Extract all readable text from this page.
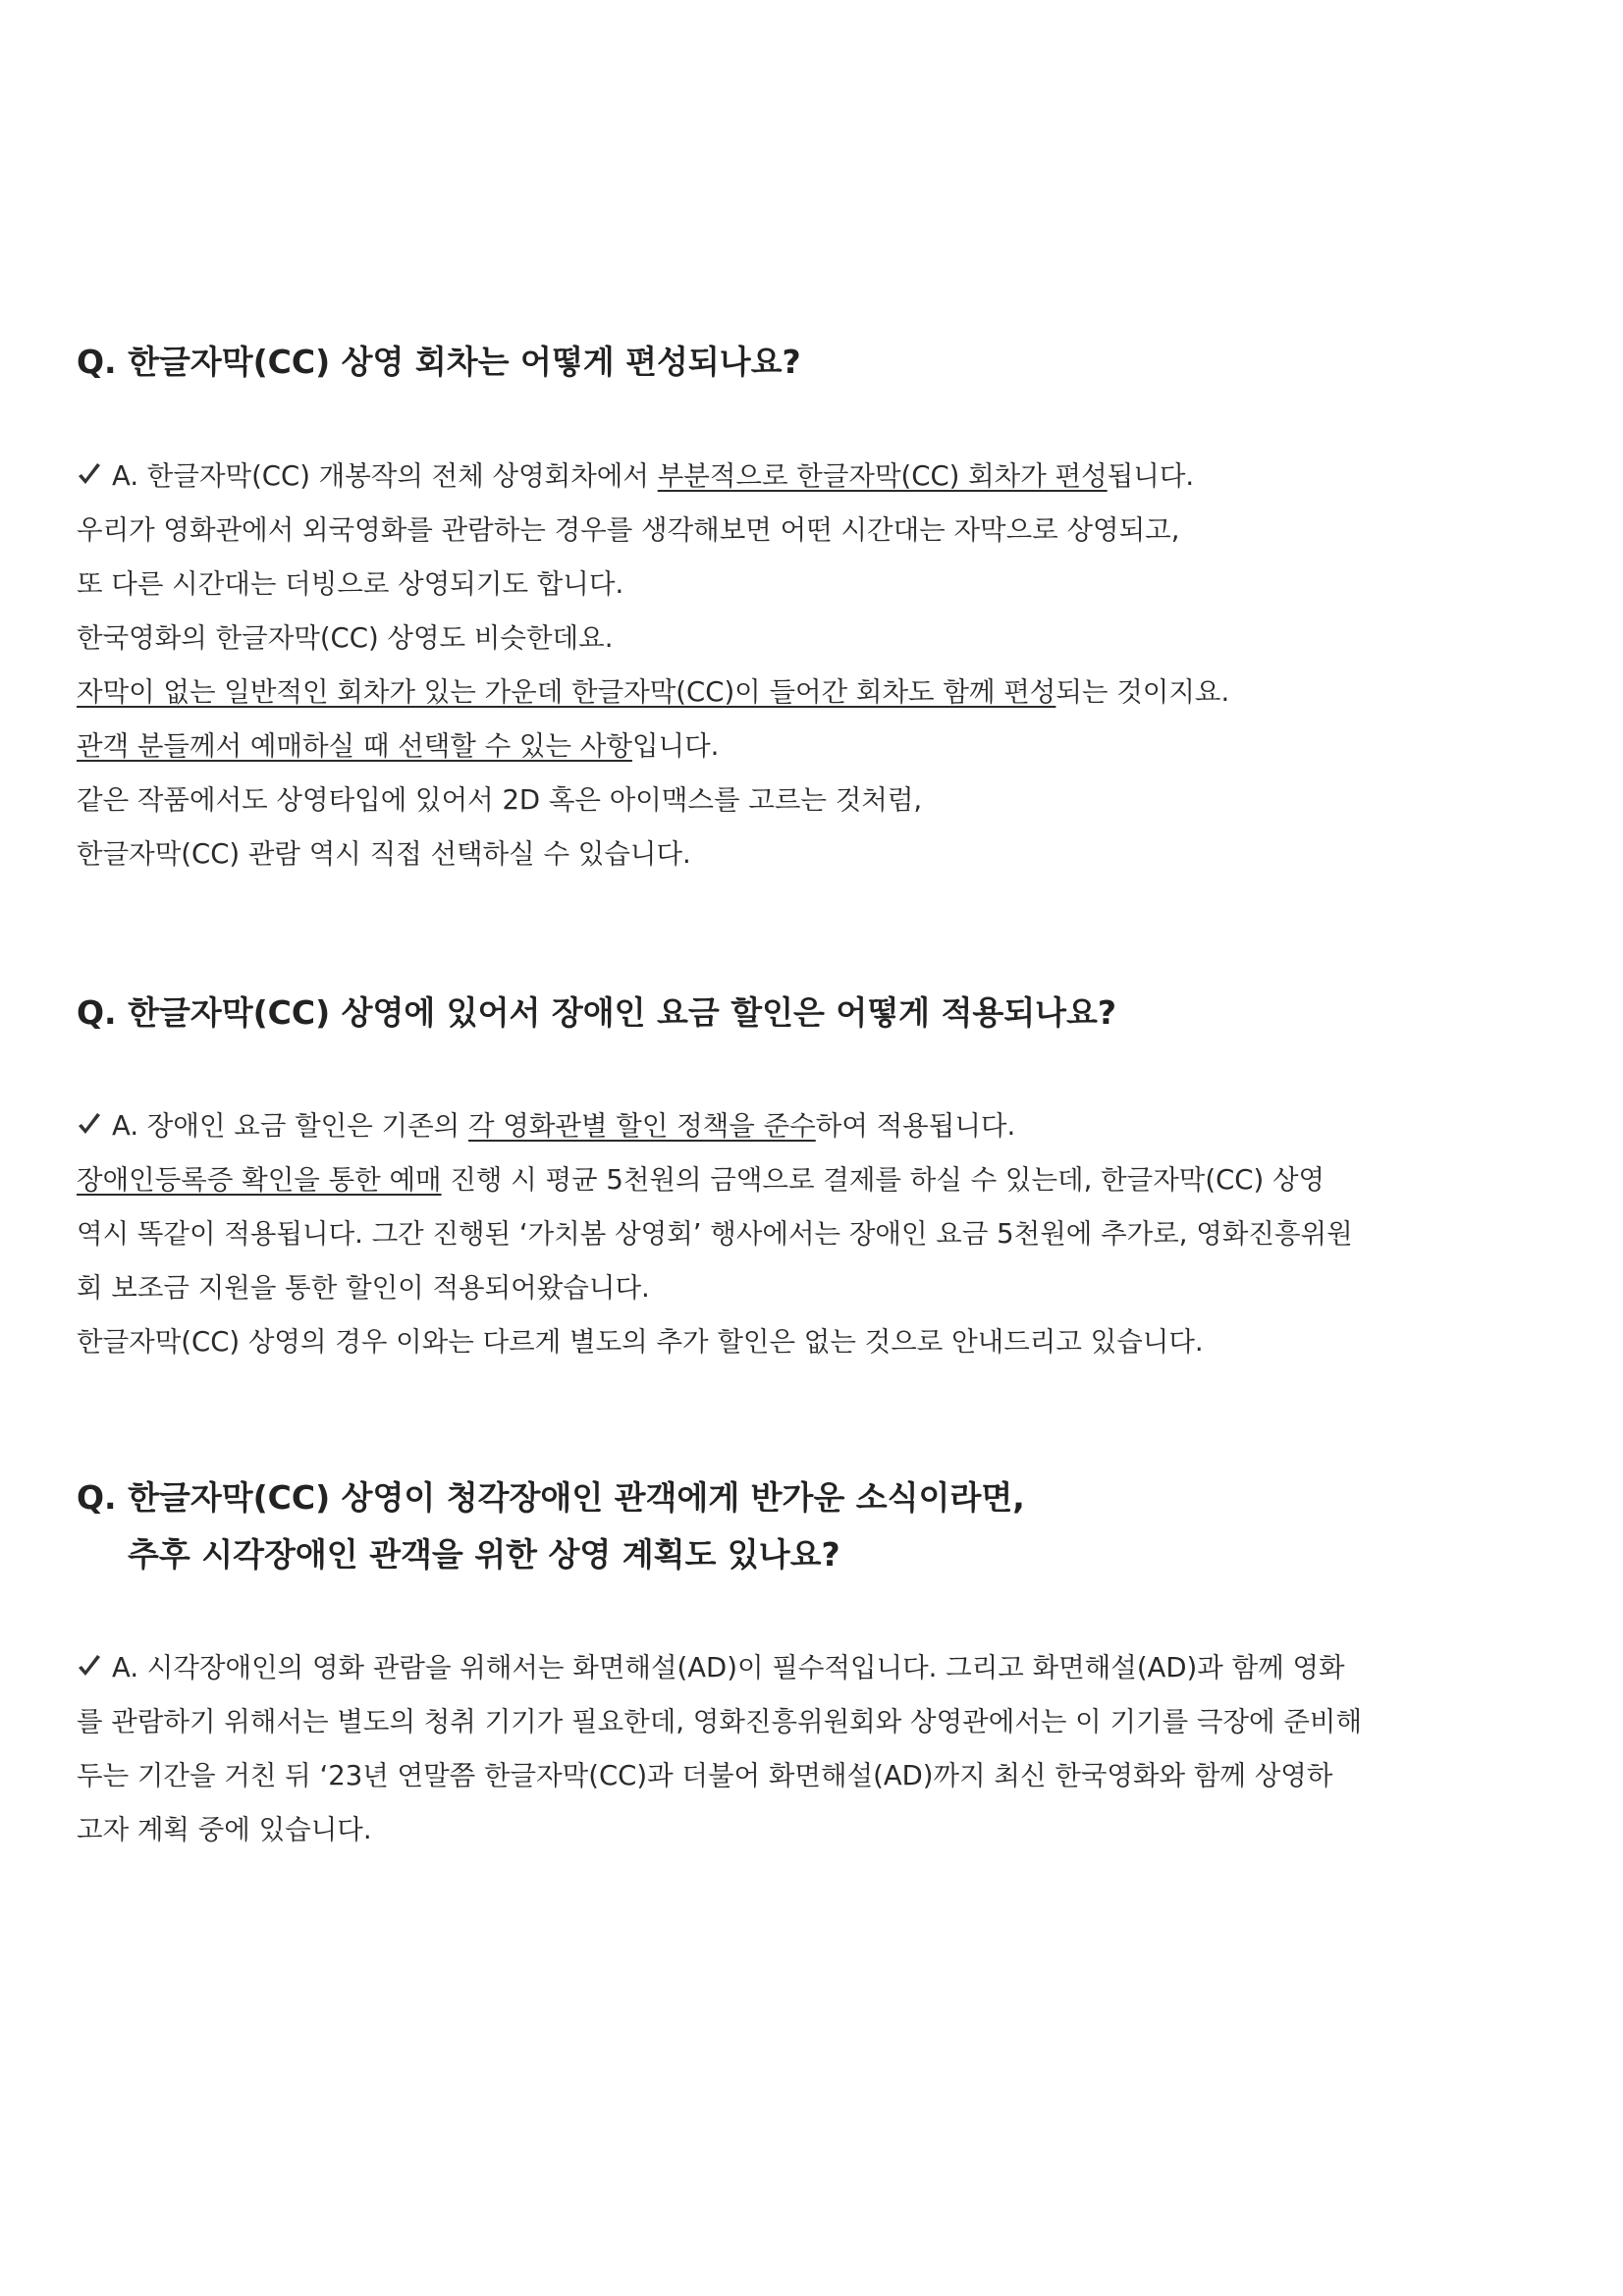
Q. 한글자막(CC) 상영 회차는 어떻게 편성되나요?
A. 한글자막(CC) 개봉작의 전체 상영회차에서 부분적으로 한글자막(CC) 회차가 편성됩니다.
우리가 영화관에서 외국영화를 관람하는 경우를 생각해보면 어떤 시간대는 자막으로 상영되고,
또 다른 시간대는 더빙으로 상영되기도 합니다.
한국영화의 한글자막(CC) 상영도 비슷한데요.
자막이 없는 일반적인 회차가 있는 가운데 한글자막(CC)이 들어간 회차도 함께 편성되는 것이지요.
관객 분들께서 예매하실 때 선택할 수 있는 사항입니다.
같은 작품에서도 상영타입에 있어서 2D 혹은 아이맥스를 고르는 것처럼,
한글자막(CC) 관람 역시 직접 선택하실 수 있습니다.
Q. 한글자막(CC) 상영에 있어서 장애인 요금 할인은 어떻게 적용되나요?
A. 장애인 요금 할인은 기존의 각 영화관별 할인 정책을 준수하여 적용됩니다.
장애인등록증 확인을 통한 예매 진행 시 평균 5천원의 금액으로 결제를 하실 수 있는데, 한글자막(CC) 상영
역시 똑같이 적용됩니다. 그간 진행된 ‘가치봄 상영회’ 행사에서는 장애인 요금 5천원에 추가로, 영화진흥위원
회 보조금 지원을 통한 할인이 적용되어왔습니다.
한글자막(CC) 상영의 경우 이와는 다르게 별도의 추가 할인은 없는 것으로 안내드리고 있습니다.
Q. 한글자막(CC) 상영이 청각장애인 관객에게 반가운 소식이라면,
추후 시각장애인 관객을 위한 상영 계획도 있나요?
A. 시각장애인의 영화 관람을 위해서는 화면해설(AD)이 필수적입니다. 그리고 화면해설(AD)과 함께 영화
를 관람하기 위해서는 별도의 청취 기기가 필요한데, 영화진흥위원회와 상영관에서는 이 기기를 극장에 준비해
두는 기간을 거친 뒤 ‘23년 연말쯤 한글자막(CC)과 더불어 화면해설(AD)까지 최신 한국영화와 함께 상영하
고자 계획 중에 있습니다.
